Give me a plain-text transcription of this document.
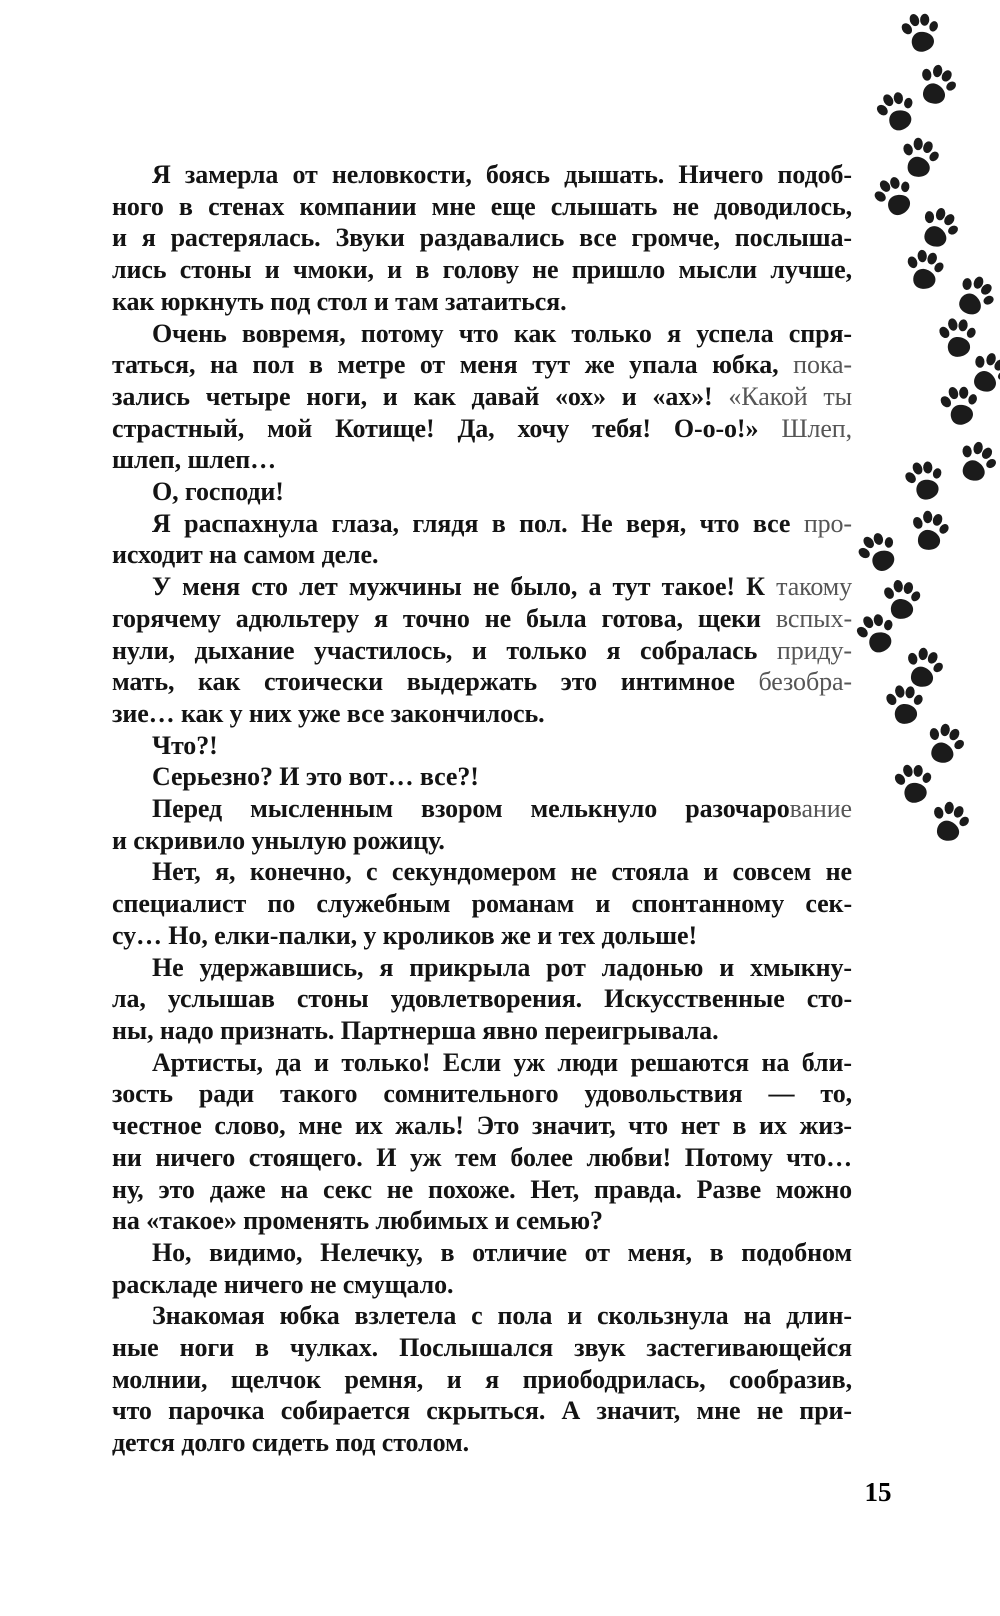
Я замерла от неловкости, боясь дышать. Ничего подоб-
ного в стенах компании мне еще слышать не доводилось,
и я растерялась. Звуки раздавались все громче, послыша-
лись стоны и чмоки, и в голову не пришло мысли лучше,
как юркнуть под стол и там затаиться.
Очень вовремя, потому что как только я успела спря-
таться, на пол в метре от меня тут же упала юбка, пока-
зались четыре ноги, и как давай «ох» и «ах»! «Какой ты
страстный, мой Котище! Да, хочу тебя! О-о-о!» Шлеп,
шлеп, шлеп…
О, господи!
Я распахнула глаза, глядя в пол. Не веря, что все про-
исходит на самом деле.
У меня сто лет мужчины не было, а тут такое! К такому
горячему адюльтеру я точно не была готова, щеки вспых-
нули, дыхание участилось, и только я собралась приду-
мать, как стоически выдержать это интимное безобра-
зие… как у них уже все закончилось.
Что?!
Серьезно? И это вот… все?!
Перед мысленным взором мелькнуло разочарование
и скривило унылую рожицу.
Нет, я, конечно, с секундомером не стояла и совсем не
специалист по служебным романам и спонтанному сек-
су… Но, елки-палки, у кроликов же и тех дольше!
Не удержавшись, я прикрыла рот ладонью и хмыкну-
ла, услышав стоны удовлетворения. Искусственные сто-
ны, надо признать. Партнерша явно переигрывала.
Артисты, да и только! Если уж люди решаются на бли-
зость ради такого сомнительного удовольствия — то,
честное слово, мне их жаль! Это значит, что нет в их жиз-
ни ничего стоящего. И уж тем более любви! Потому что…
ну, это даже на секс не похоже. Нет, правда. Разве можно
на «такое» променять любимых и семью?
Но, видимо, Нелечку, в отличие от меня, в подобном
раскладе ничего не смущало.
Знакомая юбка взлетела с пола и скользнула на длин-
ные ноги в чулках. Послышался звук застегивающейся
молнии, щелчок ремня, и я приободрилась, сообразив,
что парочка собирается скрыться. А значит, мне не при-
дется долго сидеть под столом.
15
